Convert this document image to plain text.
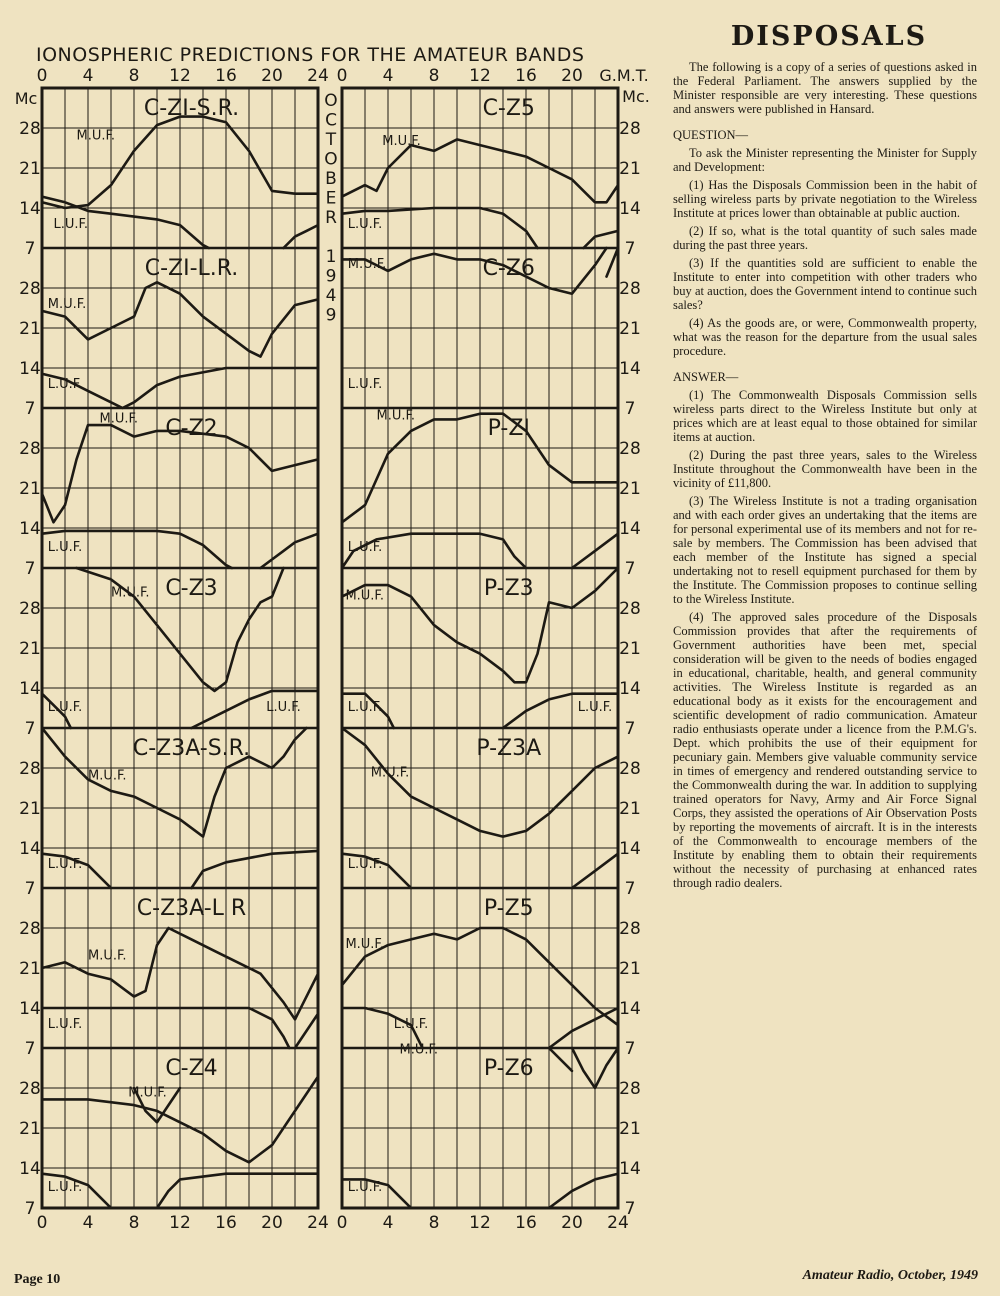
IONOSPHERIC PREDICTIONS FOR THE AMATEUR BANDS
0 4 8 12 16 20 24
0 4 8 12 16 20 24
0 4 8 12 16 20
0 4 8 12 16 20 24
G.M.T.
Mc.
Mc
28	28
21	21
14	14
7	7
28	28
21	21
14	14
7	7
28	28
21	21
14	14
7	7
28	28
21	21
14	14
7	7
28	28
21	21
14	14
7	7
28	28
21	21
14	14
7	7
28	28
21	21
14	14
7	7
O
C
T
O
B
E
R
1
9
4
9
C-ZI-S.R.
M.U.F.
L.U.F.
C-ZI-L.R.
M.U.F.
L.U.F.
C-Z2
M.U.F.
L.U.F.
C-Z3
M.U.F.
L.U.F.	L.U.F.
C-Z3A-S.R.
M.U.F.
L.U.F.
C-Z3A-L R
M.U.F.
L.U.F.
C-Z4
M.U.F.
L.U.F.
C-Z5
M.U.F.
L.U.F.
C-Z6
M.U.F.
L.U.F.
P-ZI
M.U.F.
L.U.F.
P-Z3
M.U.F.
L.U.F.	L.U.F.
P-Z3A
M.U.F.
L.U.F.
P-Z5
M.U.F.
L.U.F.
P-Z6
M.U.F.
L.U.F.
DISPOSALS

The following is a copy of a series of questions asked in the Federal Parliament. The answers supplied by the Minister responsible are very interesting. These questions and answers were published in Hansard.

QUESTION—

To ask the Minister representing the Minister for Supply and Development:

(1) Has the Disposals Commission been in the habit of selling wireless parts by private negotiation to the Wireless Institute at prices lower than obtainable at public auction.

(2) If so, what is the total quantity of such sales made during the past three years.

(3) If the quantities sold are sufficient to enable the Institute to enter into competition with other traders who buy at auction, does the Government intend to continue such sales?

(4) As the goods are, or were, Commonwealth property, what was the reason for the departure from the usual sales procedure.

ANSWER—

(1) The Commonwealth Disposals Commission sells wireless parts direct to the Wireless Institute but only at prices which are at least equal to those obtained for similar items at auction.

(2) During the past three years, sales to the Wireless Institute throughout the Commonwealth have been in the vicinity of £11,800.

(3) The Wireless Institute is not a trading organisation and with each order gives an undertaking that the items are for personal experimental use of its members and not for re-sale by members. The Commission has been advised that each member of the Institute has signed a special undertaking not to resell equipment purchased for them by the Institute. The Commission proposes to continue selling to the Wireless Institute.

(4) The approved sales procedure of the Disposals Commission provides that after the requirements of Government authorities have been met, special consideration will be given to the needs of bodies engaged in educational, charitable, health, and general community activities. The Wireless Institute is regarded as an educational body as it exists for the encouragement and scientific development of radio communication. Amateur radio enthusiasts operate under a licence from the P.M.G's. Dept. which prohibits the use of their equipment for pecuniary gain. Members give valuable community service in times of emergency and rendered outstanding service to the Commonwealth during the war. In addition to supplying trained operators for Navy, Army and Air Force Signal Corps, they assisted the operations of Air Observation Posts by reporting the movements of aircraft. It is in the interests of the Commonwealth to encourage members of the Institute by enabling them to obtain their requirements without the necessity of purchasing at enhanced rates through radio dealers.

Page 10	Amateur Radio, October, 1949
